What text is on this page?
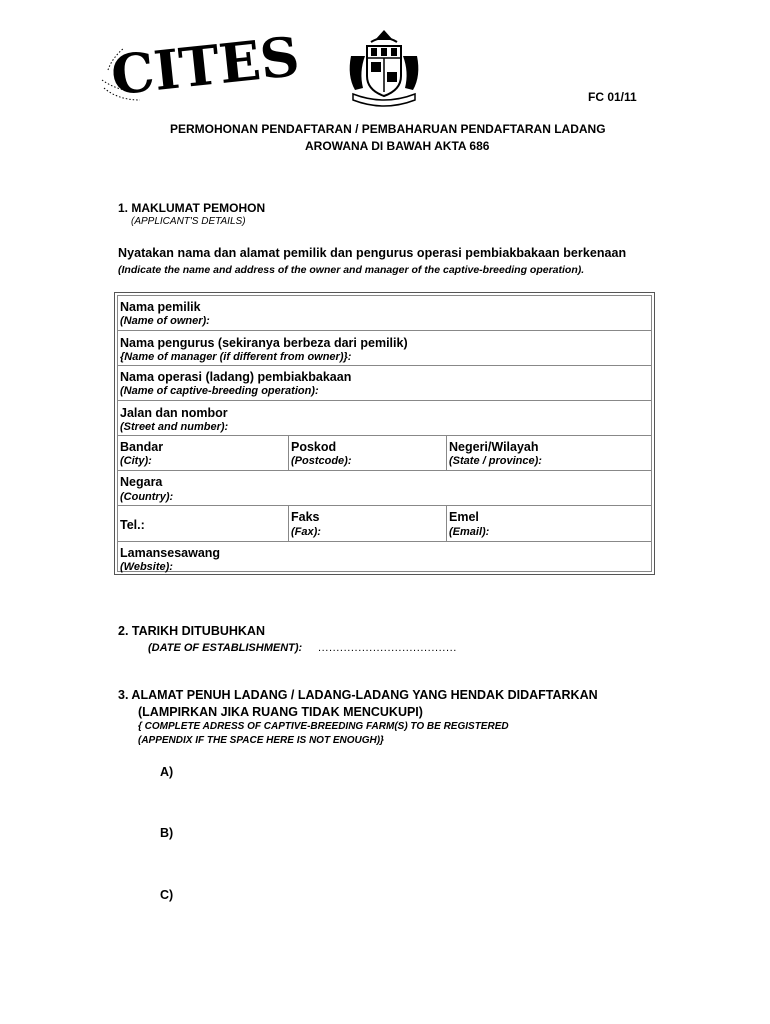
CITES	FC 01/11
PERMOHONAN PENDAFTARAN / PEMBAHARUAN PENDAFTARAN LADANG
AROWANA DI BAWAH AKTA 686
1. MAKLUMAT PEMOHON
(APPLICANT'S DETAILS)
Nyatakan nama dan alamat pemilik dan pengurus operasi pembiakbakaan berkenaan
(Indicate the name and address of the owner and manager of the captive-breeding operation).
Nama pemilik
(Name of owner):
Nama pengurus (sekiranya berbeza dari pemilik)
{Name of manager (if different from owner)}:
Nama operasi (ladang) pembiakbakaan
(Name of captive-breeding operation):
Jalan dan nombor
(Street and number):
Bandar
(City):
Poskod
(Postcode):
Negeri/Wilayah
(State / province):
Negara
(Country):
Tel.:
Faks
(Fax):
Emel
(Email):
Lamansesawang
(Website):
2. TARIKH DITUBUHKAN
(DATE OF ESTABLISHMENT): ......................................
3. ALAMAT PENUH LADANG / LADANG-LADANG YANG HENDAK DIDAFTARKAN
(LAMPIRKAN JIKA RUANG TIDAK MENCUKUPI)
{ COMPLETE ADRESS OF CAPTIVE-BREEDING FARM(S) TO BE REGISTERED
(APPENDIX IF THE SPACE HERE IS NOT ENOUGH)}
A)
B)
C)
